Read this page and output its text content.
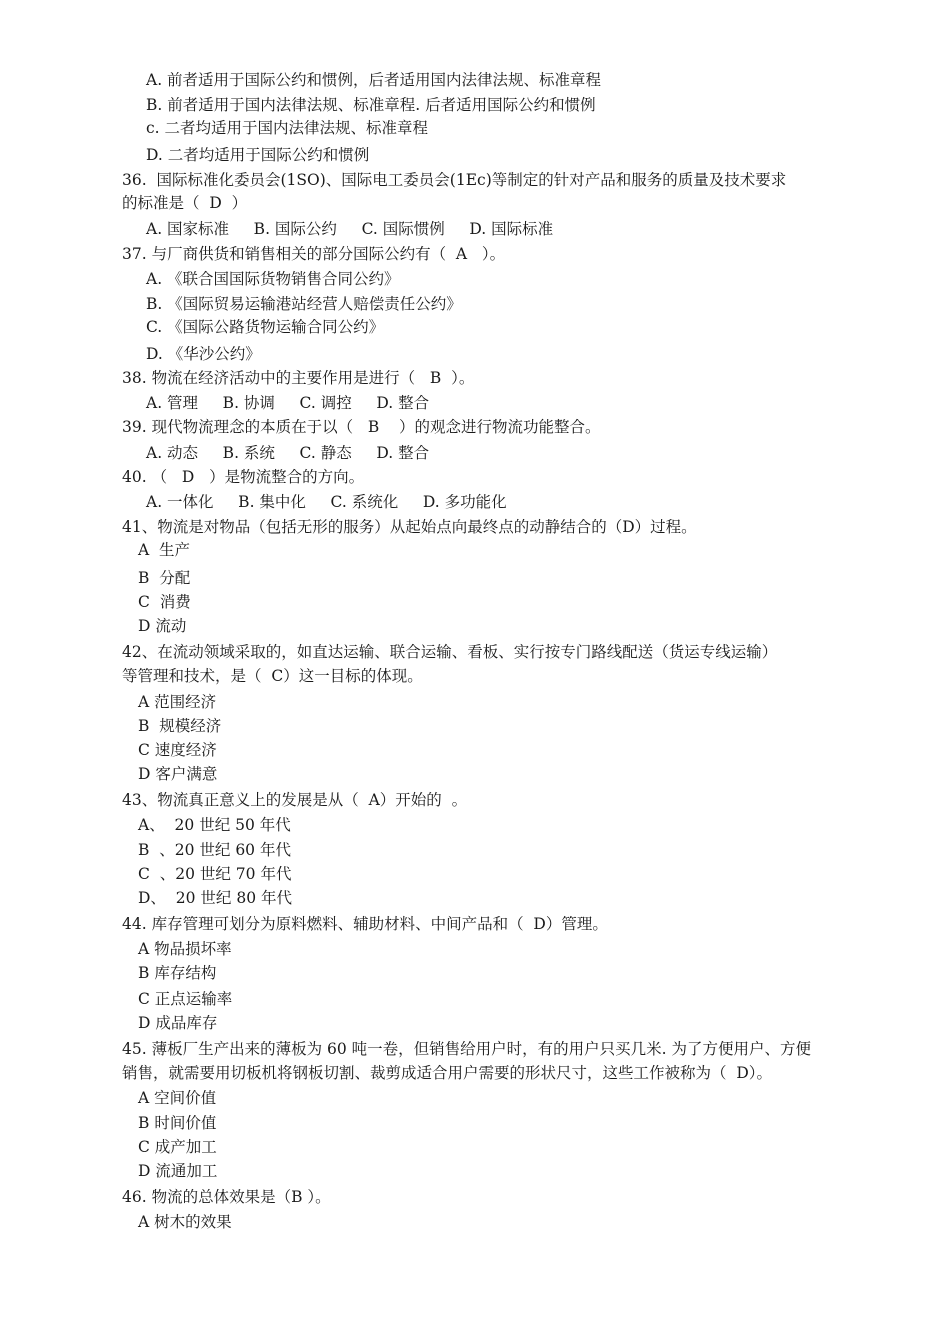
A. 前者适用于国际公约和惯例，后者适用国内法律法规、标准章程
B. 前者适用于国内法律法规、标准章程. 后者适用国际公约和惯例
c. 二者均适用于国内法律法规、标准章程
D. 二者均适用于国际公约和惯例
36.  国际标准化委员会(1SO)、国际电工委员会(1Ec)等制定的针对产品和服务的质量及技术要求
的标准是（  D  ）
A. 国家标准     B. 国际公约     C. 国际惯例     D. 国际标准
37. 与厂商供货和销售相关的部分国际公约有（  A   ）。
A. 《联合国国际货物销售合同公约》
B. 《国际贸易运输港站经营人赔偿责任公约》
C. 《国际公路货物运输合同公约》
D. 《华沙公约》
38. 物流在经济活动中的主要作用是进行（   B  ）。
A. 管理     B. 协调     C. 调控     D. 整合
39. 现代物流理念的本质在于以（   B    ）的观念进行物流功能整合。
A. 动态     B. 系统     C. 静态     D. 整合
40. （   D   ）是物流整合的方向。
A. 一体化     B. 集中化     C. 系统化     D. 多功能化
41、物流是对物品（包括无形的服务）从起始点向最终点的动静结合的（D）过程。
A  生产
B  分配
C  消费
D 流动
42、在流动领域采取的，如直达运输、联合运输、看板、实行按专门路线配送（货运专线运输）
等管理和技术，是（  C）这一目标的体现。
A 范围经济
B  规模经济
C 速度经济
D 客户满意
43、物流真正意义上的发展是从（  A）开始的  。
A、  20 世纪 50 年代
B  、20 世纪 60 年代
C  、20 世纪 70 年代
D、  20 世纪 80 年代
44. 库存管理可划分为原料燃料、辅助材料、中间产品和（  D）管理。
A 物品损坏率
B 库存结构
C 正点运输率
D 成品库存
45. 薄板厂生产出来的薄板为 60 吨一卷，但销售给用户时，有的用户只买几米. 为了方便用户、方便
销售，就需要用切板机将钢板切割、裁剪成适合用户需要的形状尺寸，这些工作被称为（  D）。
A 空间价值
B 时间价值
C 成产加工
D 流通加工
46. 物流的总体效果是（B ）。
A 树木的效果
